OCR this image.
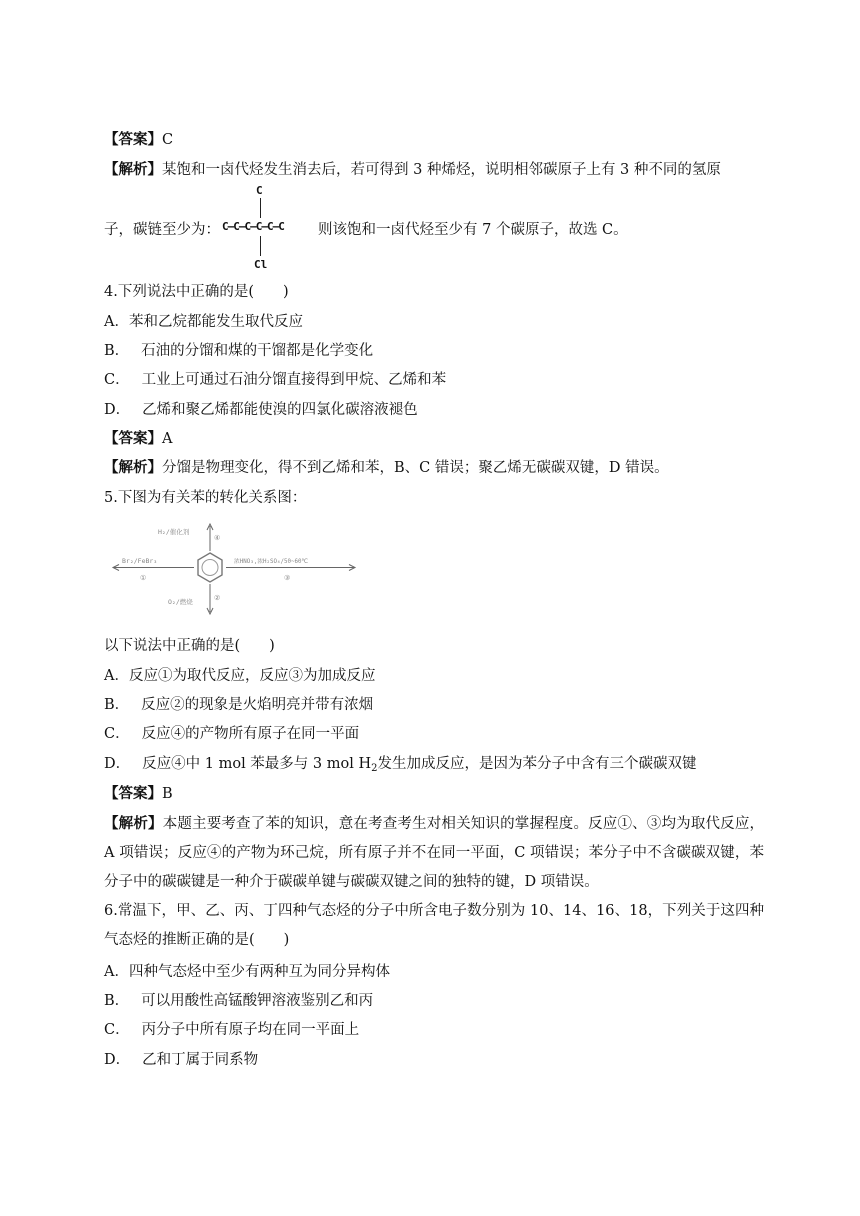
【答案】C
【解析】某饱和一卤代烃发生消去后，若可得到 3 种烯烃，说明相邻碳原子上有 3 种不同的氢原
子，碳链至少为：
C
C–C–C–C–C–C
Cl
则该饱和一卤代烃至少有 7 个碳原子，故选 C。
4.下列说法中正确的是(　　)
A．苯和乙烷都能发生取代反应
B． 石油的分馏和煤的干馏都是化学变化
C． 工业上可通过石油分馏直接得到甲烷、乙烯和苯
D． 乙烯和聚乙烯都能使溴的四氯化碳溶液褪色
【答案】A
【解析】分馏是物理变化，得不到乙烯和苯，B、C 错误；聚乙烯无碳碳双键，D 错误。
5.下图为有关苯的转化关系图：
H₂/催化剂
④
Br₂/FeBr₃
①
浓HNO₃,浓H₂SO₄/50~60℃
③
O₂/燃烧	②
以下说法中正确的是(　　)
A．反应①为取代反应，反应③为加成反应
B． 反应②的现象是火焰明亮并带有浓烟
C． 反应④的产物所有原子在同一平面
D． 反应④中 1 mol 苯最多与 3 mol $H_2$发生加成反应，是因为苯分子中含有三个碳碳双键
【答案】B
【解析】本题主要考查了苯的知识，意在考查考生对相关知识的掌握程度。反应①、③均为取代反应，A 项错误；反应④的产物为环己烷，所有原子并不在同一平面，C 项错误；苯分子中不含碳碳双键，苯分子中的碳碳键是一种介于碳碳单键与碳碳双键之间的独特的键，D 项错误。
6.常温下，甲、乙、丙、丁四种气态烃的分子中所含电子数分别为 10、14、16、18，下列关于这四种气态烃的推断正确的是(　　)
A．四种气态烃中至少有两种互为同分异构体
B． 可以用酸性高锰酸钾溶液鉴别乙和丙
C． 丙分子中所有原子均在同一平面上
D． 乙和丁属于同系物
